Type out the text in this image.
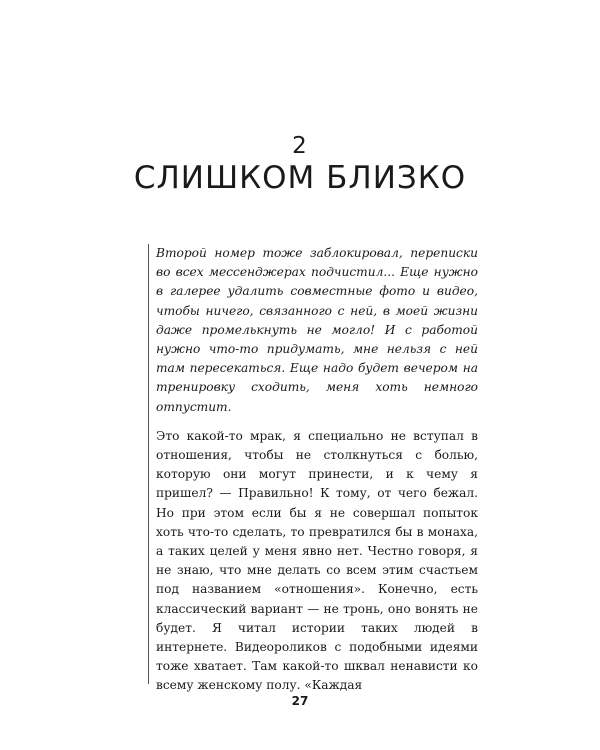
2
СЛИШКОМ БЛИЗКО

Второй номер тоже заблокировал, переписки во всех мессенджерах подчистил... Еще нужно в галерее удалить совместные фото и видео, чтобы ничего, связанного с ней, в моей жизни даже промелькнуть не могло! И с работой нужно что-то придумать, мне нельзя с ней там пересекаться. Еще надо будет вечером на тренировку сходить, меня хоть немного отпустит.

Это какой-то мрак, я специально не вступал в отношения, чтобы не столкнуться с болью, которую они могут принести, и к чему я пришел? — Правильно! К тому, от чего бежал. Но при этом если бы я не совершал попыток хоть что-то сделать, то превратился бы в монаха, а таких целей у меня явно нет. Честно говоря, я не знаю, что мне делать со всем этим счастьем под названием «отношения». Конечно, есть классический вариант — не тронь, оно вонять не будет. Я читал истории таких людей в интернете. Видеороликов с подобными идеями тоже хватает. Там какой-то шквал ненависти ко всему женскому полу. «Каждая

27
